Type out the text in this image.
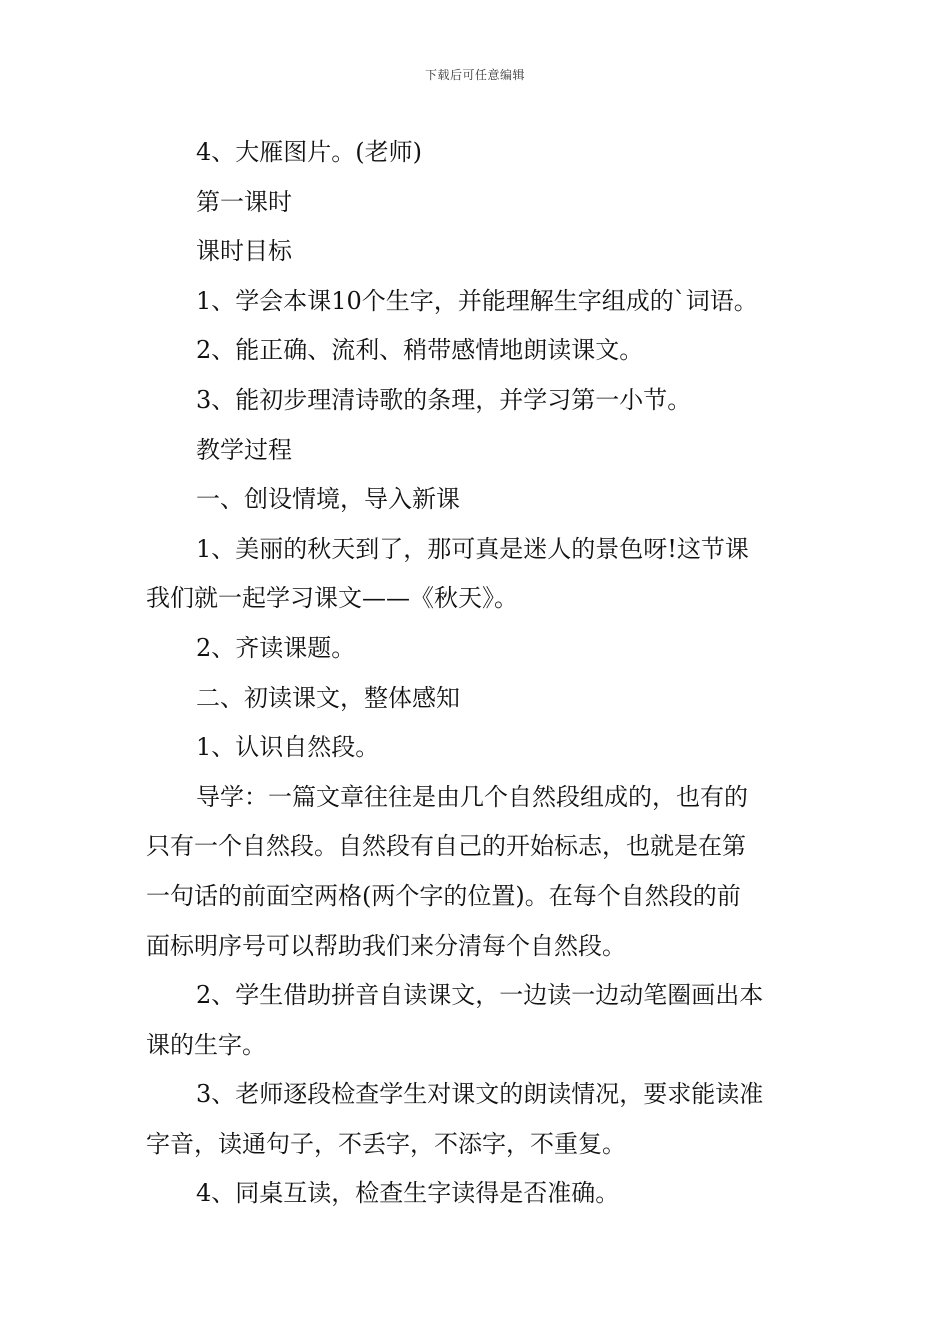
下载后可任意编辑

4、大雁图片。(老师)

第一课时

课时目标

1、学会本课10个生字，并能理解生字组成的`词语。

2、能正确、流利、稍带感情地朗读课文。

3、能初步理清诗歌的条理，并学习第一小节。

教学过程

一、创设情境，导入新课

1、美丽的秋天到了，那可真是迷人的景色呀!这节课

我们就一起学习课文——《秋天》。

2、齐读课题。

二、初读课文，整体感知

1、认识自然段。

导学：一篇文章往往是由几个自然段组成的，也有的

只有一个自然段。自然段有自己的开始标志，也就是在第

一句话的前面空两格(两个字的位置)。在每个自然段的前

面标明序号可以帮助我们来分清每个自然段。

2、学生借助拼音自读课文，一边读一边动笔圈画出本

课的生字。

3、老师逐段检查学生对课文的朗读情况，要求能读准

字音，读通句子，不丢字，不添字，不重复。

4、同桌互读，检查生字读得是否准确。
